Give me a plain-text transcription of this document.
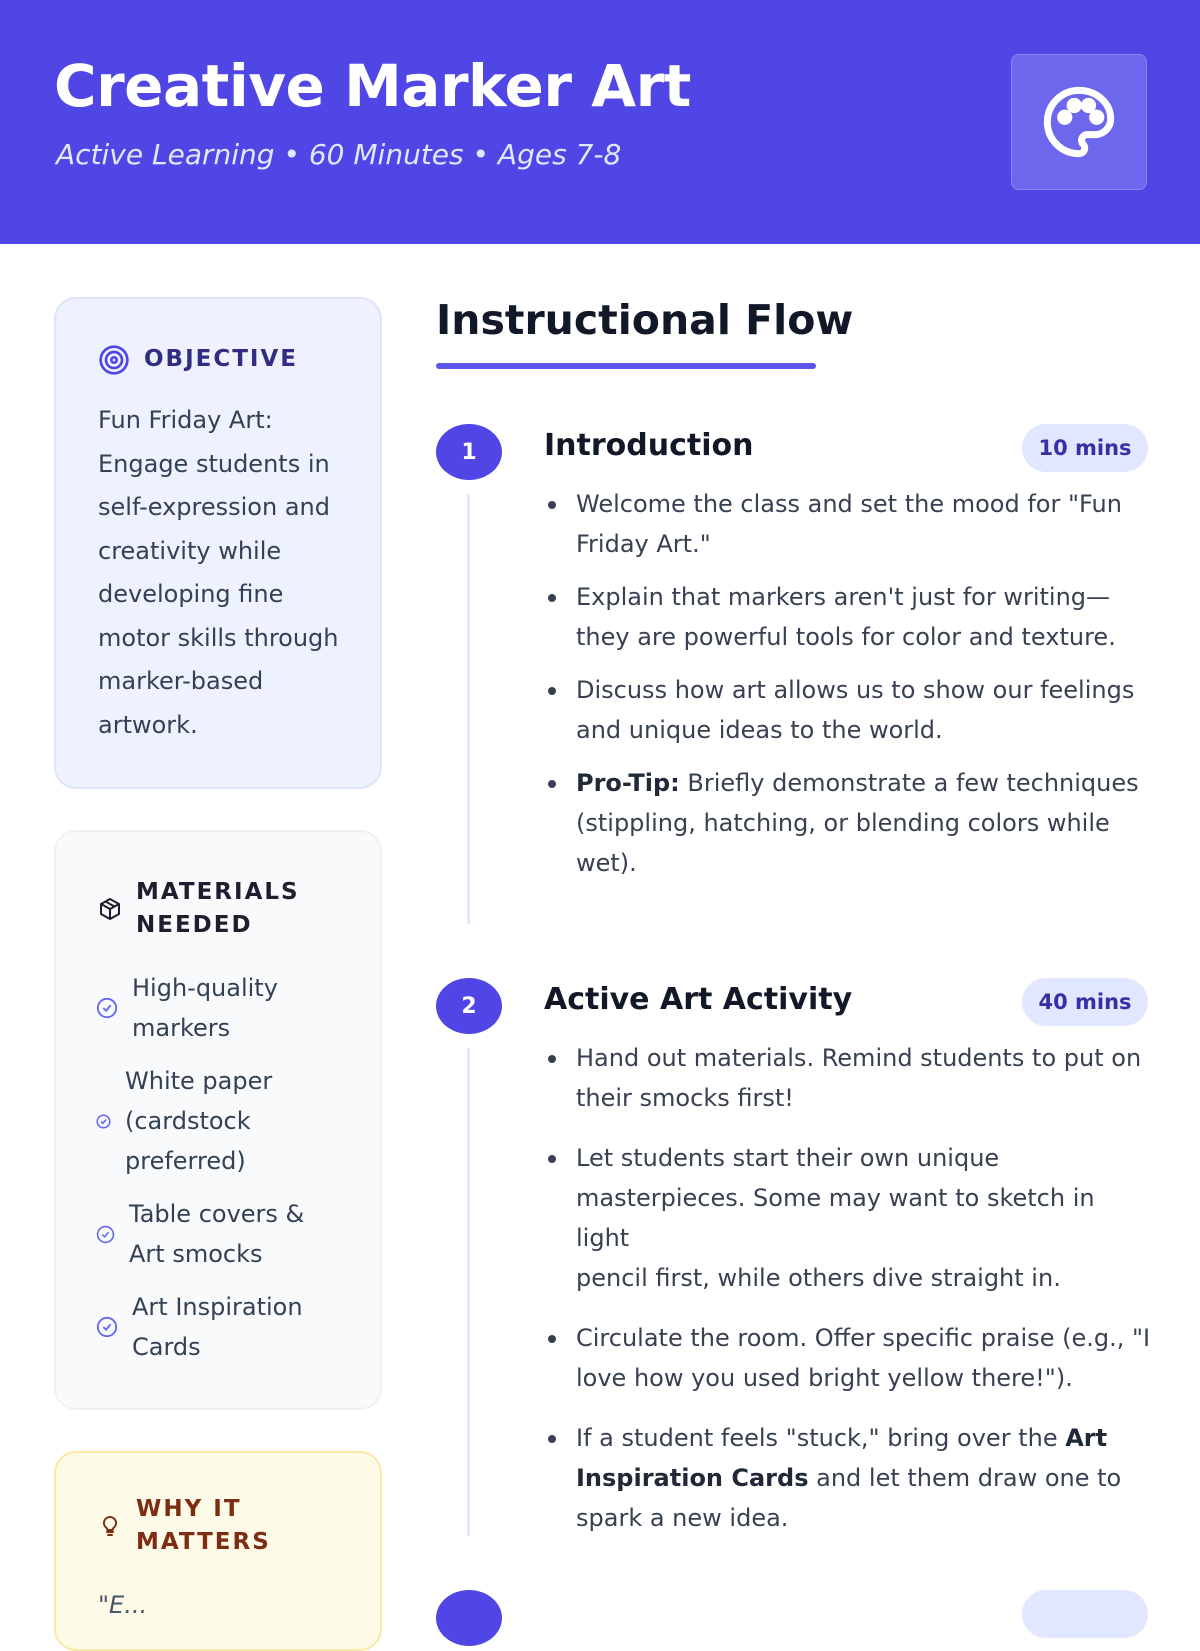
Creative Marker Art
Active Learning • 60 Minutes • Ages 7-8
OBJECTIVE
Fun Friday Art: Engage students in self-expression and creativity while developing fine motor skills through marker-based artwork.
MATERIALS
NEEDED
High-quality
markers
White paper
(cardstock
preferred)
Table covers &
Art smocks
Art Inspiration
Cards
WHY IT
MATTERS
"E...
Instructional Flow
1	Introduction	10 mins
Welcome the class and set the mood for "Fun
Friday Art."
Explain that markers aren't just for writing—
they are powerful tools for color and texture.
Discuss how art allows us to show our feelings
and unique ideas to the world.
Pro-Tip: Briefly demonstrate a few techniques
(stippling, hatching, or blending colors while
wet).
2	Active Art Activity	40 mins
Hand out materials. Remind students to put on
their smocks first!
Let students start their own unique
masterpieces. Some may want to sketch in light
pencil first, while others dive straight in.
Circulate the room. Offer specific praise (e.g., "I
love how you used bright yellow there!").
If a student feels "stuck," bring over the Art
Inspiration Cards and let them draw one to
spark a new idea.
